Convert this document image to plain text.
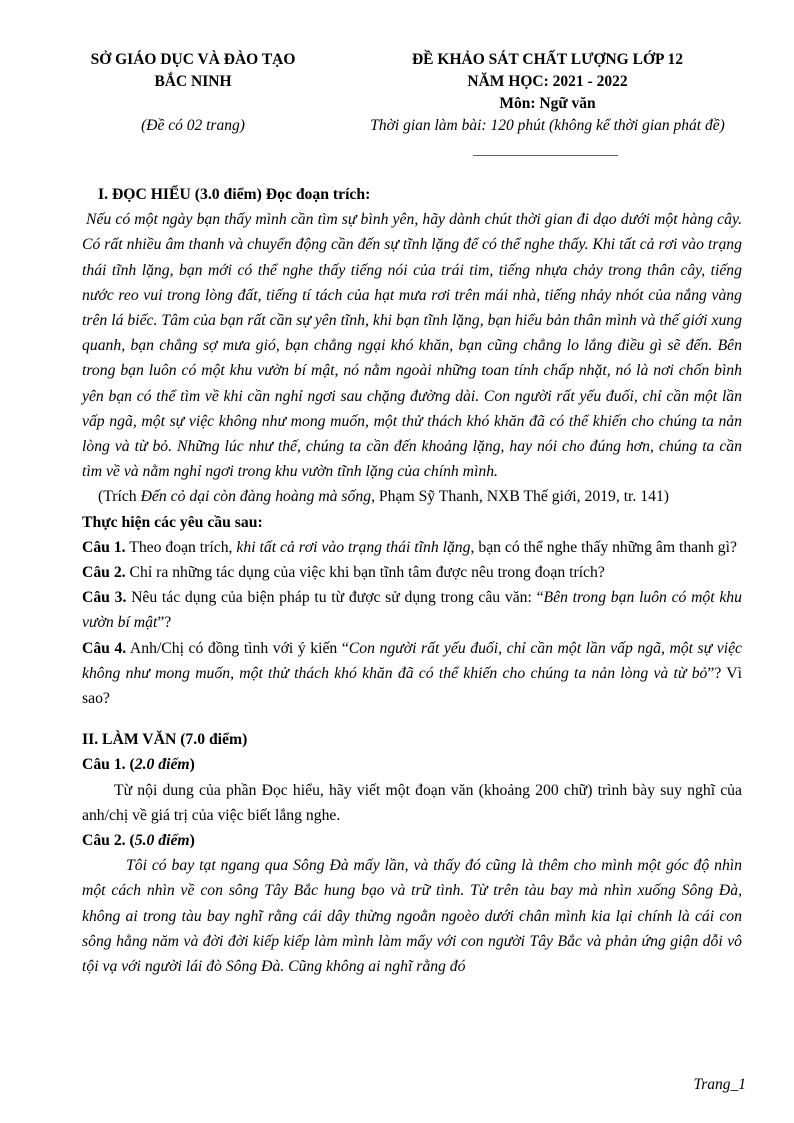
SỞ GIÁO DỤC VÀ ĐÀO TẠO
BẮC NINH
(Đề có 02 trang)
ĐỀ KHẢO SÁT CHẤT LƯỢNG LỚP 12
NĂM HỌC: 2021 - 2022
Môn: Ngữ văn
Thời gian làm bài: 120 phút (không kể thời gian phát đề)

I. ĐỌC HIỂU (3.0 điểm) Đọc đoạn trích:

Nếu có một ngày bạn thấy mình cần tìm sự bình yên, hãy dành chút thời gian đi dạo dưới một hàng cây. Có rất nhiều âm thanh và chuyển động cần đến sự tĩnh lặng để có thể nghe thấy. Khi tất cả rơi vào trạng thái tĩnh lặng, bạn mới có thể nghe thấy tiếng nói của trái tim, tiếng nhựa chảy trong thân cây, tiếng nước reo vui trong lòng đất, tiếng tí tách của hạt mưa rơi trên mái nhà, tiếng nhảy nhót của nắng vàng trên lá biếc. Tâm của bạn rất cần sự yên tĩnh, khi bạn tĩnh lặng, bạn hiểu bản thân mình và thế giới xung quanh, bạn chẳng sợ mưa gió, bạn chẳng ngại khó khăn, bạn cũng chẳng lo lắng điều gì sẽ đến. Bên trong bạn luôn có một khu vườn bí mật, nó nằm ngoài những toan tính chấp nhặt, nó là nơi chốn bình yên bạn có thể tìm về khi cần nghỉ ngơi sau chặng đường dài. Con người rất yếu đuối, chỉ cần một lần vấp ngã, một sự việc không như mong muốn, một thử thách khó khăn đã có thể khiến cho chúng ta nản lòng và từ bỏ. Những lúc như thế, chúng ta cần đến khoảng lặng, hay nói cho đúng hơn, chúng ta cần tìm về và nằm nghỉ ngơi trong khu vườn tĩnh lặng của chính mình.

(Trích Đến cỏ dại còn đàng hoàng mà sống, Phạm Sỹ Thanh, NXB Thế giới, 2019, tr. 141)

Thực hiện các yêu cầu sau:

Câu 1. Theo đoạn trích, khi tất cả rơi vào trạng thái tĩnh lặng, bạn có thể nghe thấy những âm thanh gì?

Câu 2. Chỉ ra những tác dụng của việc khi bạn tĩnh tâm được nêu trong đoạn trích?

Câu 3. Nêu tác dụng của biện pháp tu từ được sử dụng trong câu văn: “Bên trong bạn luôn có một khu vườn bí mật”?

Câu 4. Anh/Chị có đồng tình với ý kiến “Con người rất yếu đuối, chỉ cần một lần vấp ngã, một sự việc không như mong muốn, một thử thách khó khăn đã có thể khiến cho chúng ta nản lòng và từ bỏ”? Vì sao?

II. LÀM VĂN (7.0 điểm)

Câu 1. (2.0 điểm)

Từ nội dung của phần Đọc hiểu, hãy viết một đoạn văn (khoảng 200 chữ) trình bày suy nghĩ của anh/chị về giá trị của việc biết lắng nghe.

Câu 2. (5.0 điểm)

Tôi có bay tạt ngang qua Sông Đà mấy lần, và thấy đó cũng là thêm cho mình một góc độ nhìn một cách nhìn về con sông Tây Bắc hung bạo và trữ tình. Từ trên tàu bay mà nhìn xuống Sông Đà, không ai trong tàu bay nghĩ rằng cái dây thừng ngoằn ngoèo dưới chân mình kia lại chính là cái con sông hằng năm và đời đời kiếp kiếp làm mình làm mẩy với con người Tây Bắc và phản ứng giận dỗi vô tội vạ với người lái đò Sông Đà. Cũng không ai nghĩ rằng đó

Trang_1
